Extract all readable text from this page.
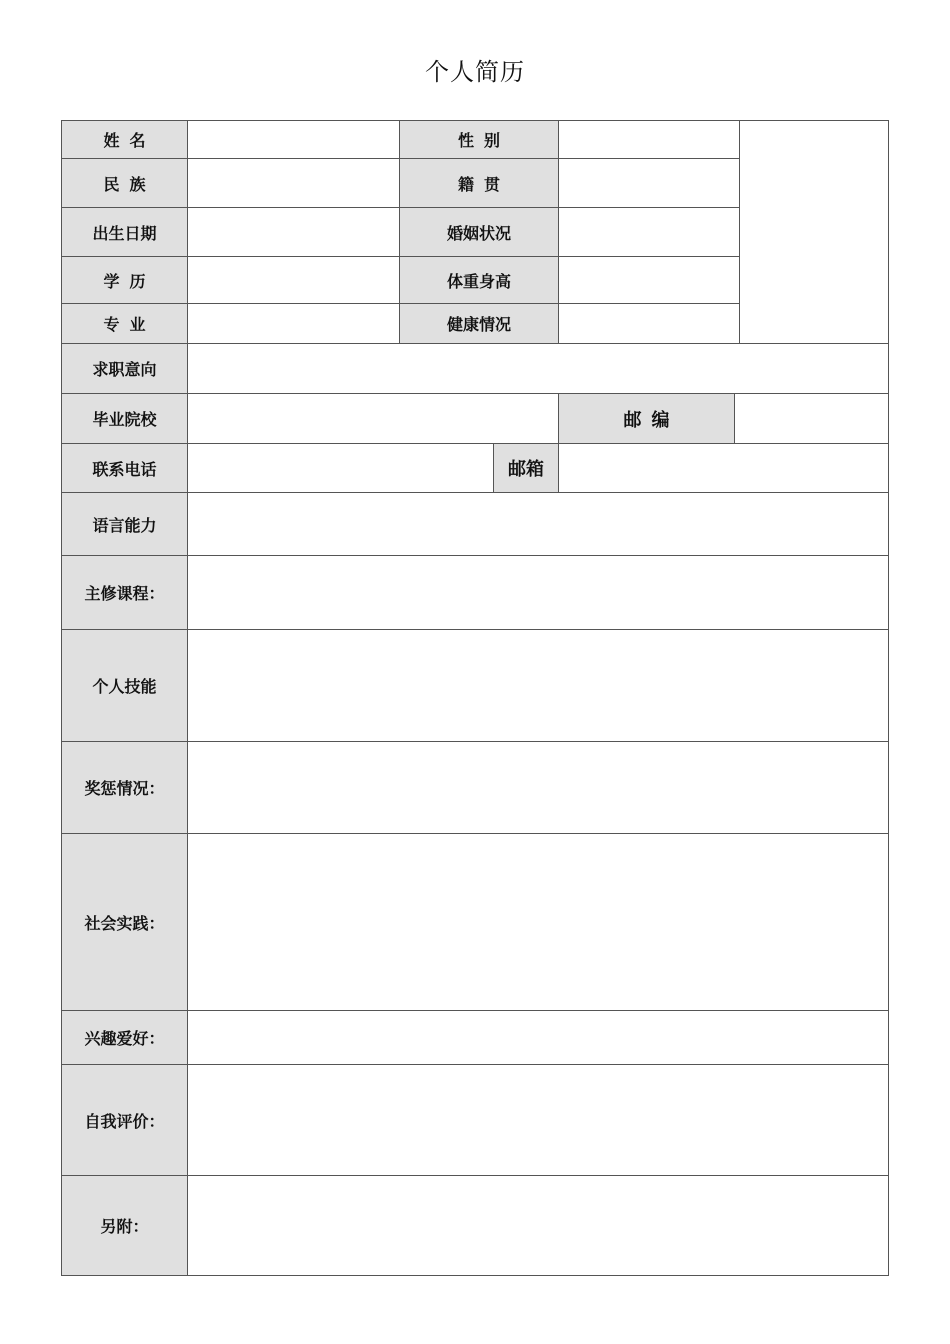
个人简历
姓名	性别
民族	籍贯
出生日期	婚姻状况
学历	体重身高
专业	健康情况
求职意向
毕业院校	邮编
联系电话	邮箱
语言能力
主修课程：
个人技能
奖惩情况：
社会实践：
兴趣爱好：
自我评价：
另附：
